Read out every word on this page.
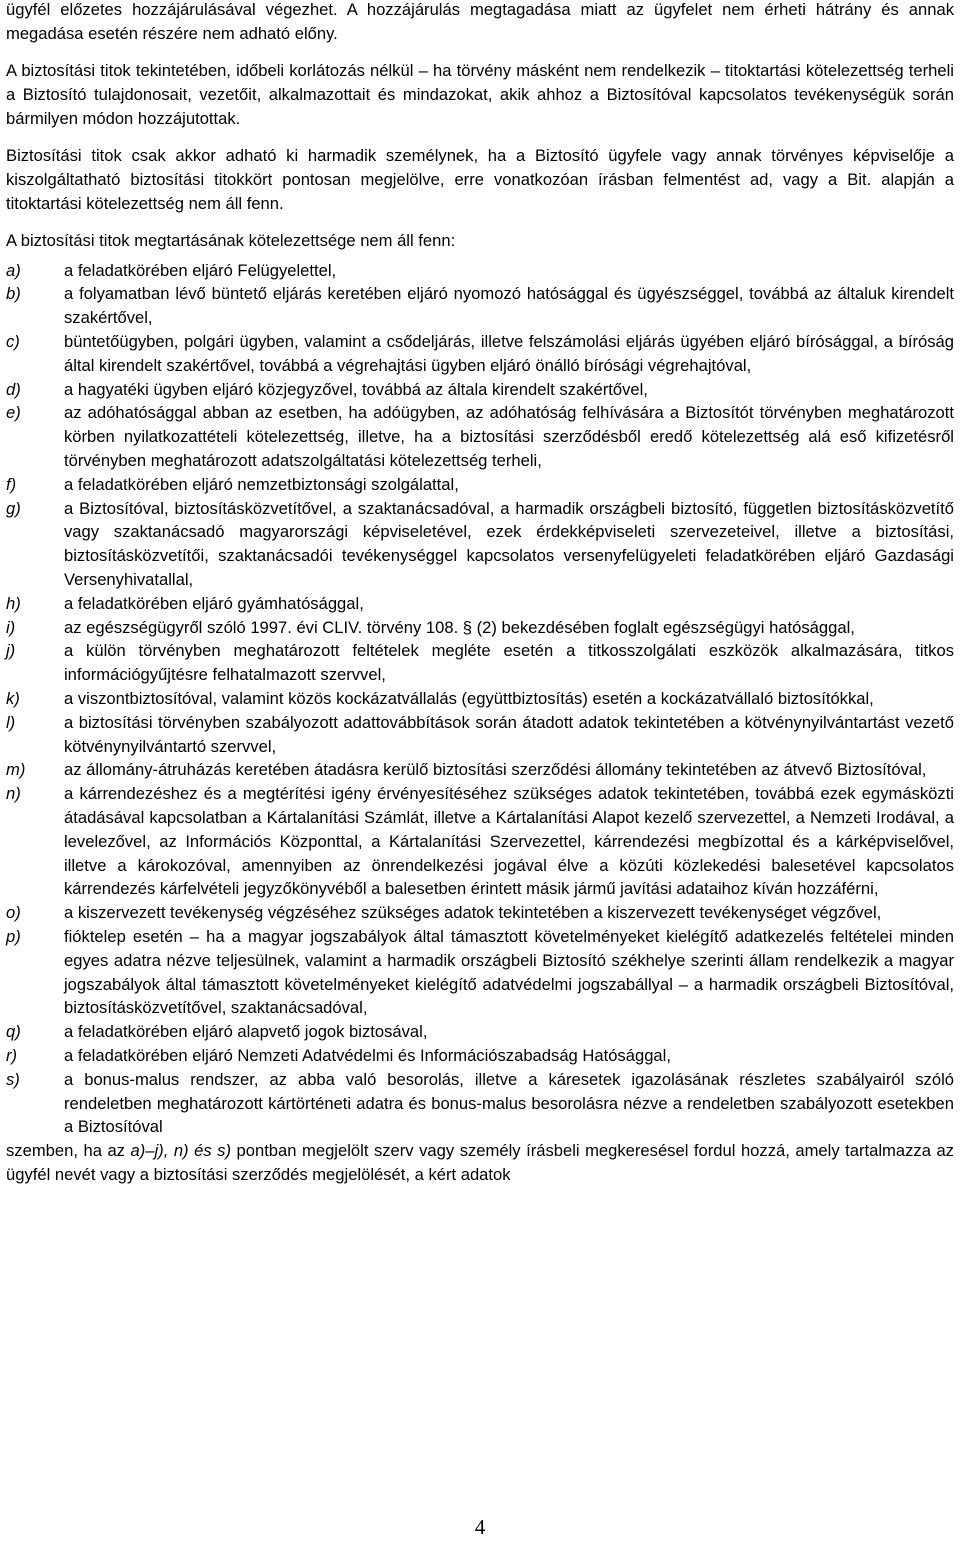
ügyfél előzetes hozzájárulásával végezhet. A hozzájárulás megtagadása miatt az ügyfelet nem érheti hátrány és annak megadása esetén részére nem adható előny.

A biztosítási titok tekintetében, időbeli korlátozás nélkül – ha törvény másként nem rendelkezik – titoktartási kötelezettség terheli a Biztosító tulajdonosait, vezetőit, alkalmazottait és mindazokat, akik ahhoz a Biztosítóval kapcsolatos tevékenységük során bármilyen módon hozzájutottak.

Biztosítási titok csak akkor adható ki harmadik személynek, ha a Biztosító ügyfele vagy annak törvényes képviselője a kiszolgáltatható biztosítási titokkört pontosan megjelölve, erre vonatkozóan írásban felmentést ad, vagy a Bit. alapján a titoktartási kötelezettség nem áll fenn.

A biztosítási titok megtartásának kötelezettsége nem áll fenn:

a)	a feladatkörében eljáró Felügyelettel,
b)	a folyamatban lévő büntető eljárás keretében eljáró nyomozó hatósággal és ügyészséggel, továbbá az általuk kirendelt szakértővel,
c)	büntetőügyben, polgári ügyben, valamint a csődeljárás, illetve felszámolási eljárás ügyében eljáró bírósággal, a bíróság által kirendelt szakértővel, továbbá a végrehajtási ügyben eljáró önálló bírósági végrehajtóval,
d)	a hagyatéki ügyben eljáró közjegyzővel, továbbá az általa kirendelt szakértővel,
e)	az adóhatósággal abban az esetben, ha adóügyben, az adóhatóság felhívására a Biztosítót törvényben meghatározott körben nyilatkozattételi kötelezettség, illetve, ha a biztosítási szerződésből eredő kötelezettség alá eső kifizetésről törvényben meghatározott adatszolgáltatási kötelezettség terheli,
f)	a feladatkörében eljáró nemzetbiztonsági szolgálattal,
g)	a Biztosítóval, biztosításközvetítővel, a szaktanácsadóval, a harmadik országbeli biztosító, független biztosításközvetítő vagy szaktanácsadó magyarországi képviseletével, ezek érdekképviseleti szervezeteivel, illetve a biztosítási, biztosításközvetítői, szaktanácsadói tevékenységgel kapcsolatos versenyfelügyeleti feladatkörében eljáró Gazdasági Versenyhivatallal,
h)	a feladatkörében eljáró gyámhatósággal,
i)	az egészségügyről szóló 1997. évi CLIV. törvény 108. § (2) bekezdésében foglalt egészségügyi hatósággal,
j)	a külön törvényben meghatározott feltételek megléte esetén a titkosszolgálati eszközök alkalmazására, titkos információgyűjtésre felhatalmazott szervvel,
k)	a viszontbiztosítóval, valamint közös kockázatvállalás (együttbiztosítás) esetén a kockázatvállaló biztosítókkal,
l)	a biztosítási törvényben szabályozott adattovábbítások során átadott adatok tekintetében a kötvénynyilvántartást vezető kötvénynyilvántartó szervvel,
m)	az állomány-átruházás keretében átadásra kerülő biztosítási szerződési állomány tekintetében az átvevő Biztosítóval,
n)	a kárrendezéshez és a megtérítési igény érvényesítéséhez szükséges adatok tekintetében, továbbá ezek egymásközti átadásával kapcsolatban a Kártalanítási Számlát, illetve a Kártalanítási Alapot kezelő szervezettel, a Nemzeti Irodával, a levelezővel, az Információs Központtal, a Kártalanítási Szervezettel, kárrendezési megbízottal és a kárképviselővel, illetve a károkozóval, amennyiben az önrendelkezési jogával élve a közúti közlekedési balesetével kapcsolatos kárrendezés kárfelvételi jegyzőkönyvéből a balesetben érintett másik jármű javítási adataihoz kíván hozzáférni,
o)	a kiszervezett tevékenység végzéséhez szükséges adatok tekintetében a kiszervezett tevékenységet végzővel,
p)	fióktelep esetén – ha a magyar jogszabályok által támasztott követelményeket kielégítő adatkezelés feltételei minden egyes adatra nézve teljesülnek, valamint a harmadik országbeli Biztosító székhelye szerinti állam rendelkezik a magyar jogszabályok által támasztott követelményeket kielégítő adatvédelmi jogszabállyal – a harmadik országbeli Biztosítóval, biztosításközvetítővel, szaktanácsadóval,
q)	a feladatkörében eljáró alapvető jogok biztosával,
r)	a feladatkörében eljáró Nemzeti Adatvédelmi és Információszabadság Hatósággal,
s)	a bonus-malus rendszer, az abba való besorolás, illetve a káresetek igazolásának részletes szabályairól szóló rendeletben meghatározott kártörténeti adatra és bonus-malus besorolásra nézve a rendeletben szabályozott esetekben a Biztosítóval

szemben, ha az a)–j), n) és s) pontban megjelölt szerv vagy személy írásbeli megkeresésel fordul hozzá, amely tartalmazza az ügyfél nevét vagy a biztosítási szerződés megjelölését, a kért adatok

4
